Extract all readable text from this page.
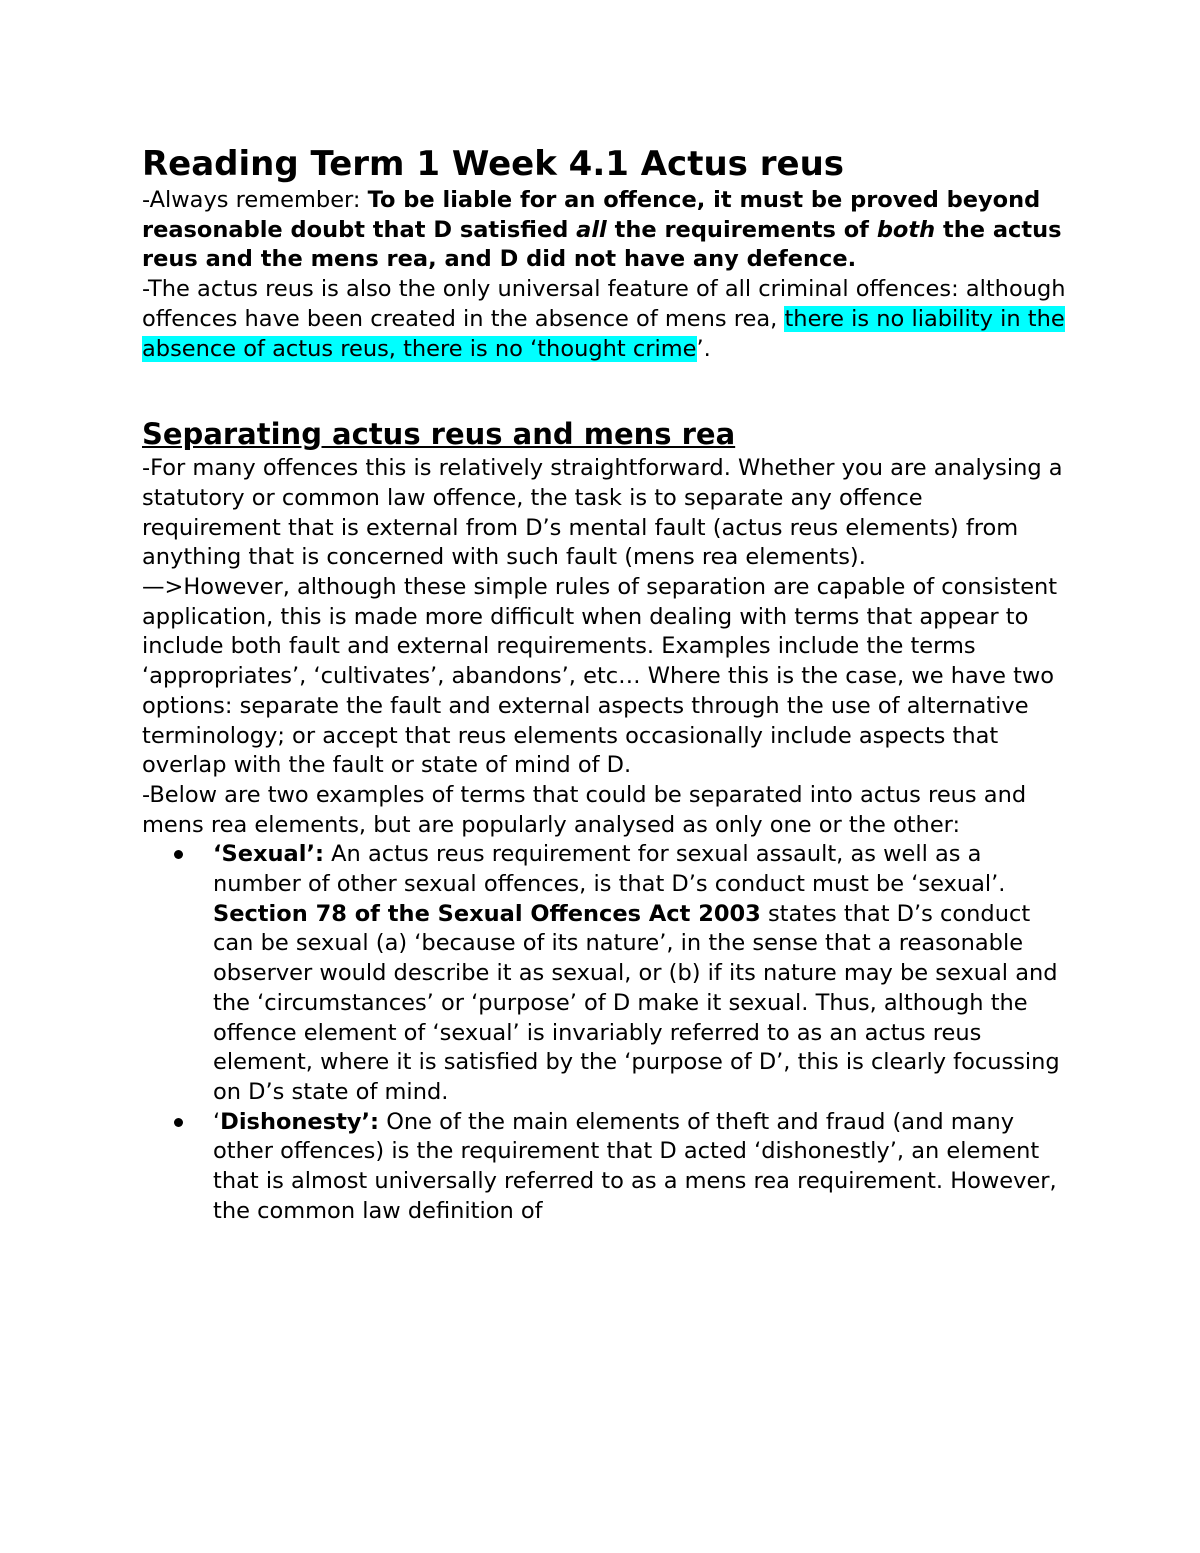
Reading Term 1 Week 4.1 Actus reus

-Always remember: To be liable for an offence, it must be proved beyond reasonable doubt that D satisfied all the requirements of both the actus reus and the mens rea, and D did not have any defence.

-The actus reus is also the only universal feature of all criminal offences: although offences have been created in the absence of mens rea, there is no liability in the absence of actus reus, there is no ‘thought crime’.

Separating actus reus and mens rea

-For many offences this is relatively straightforward. Whether you are analysing a statutory or common law offence, the task is to separate any offence requirement that is external from D’s mental fault (actus reus elements) from anything that is concerned with such fault (mens rea elements).

—>However, although these simple rules of separation are capable of consistent application, this is made more difficult when dealing with terms that appear to include both fault and external requirements. Examples include the terms ‘appropriates’, ‘cultivates’, abandons’, etc… Where this is the case, we have two options: separate the fault and external aspects through the use of alternative terminology; or accept that reus elements occasionally include aspects that overlap with the fault or state of mind of D.

-Below are two examples of terms that could be separated into actus reus and mens rea elements, but are popularly analysed as only one or the other:

‘Sexual’: An actus reus requirement for sexual assault, as well as a number of other sexual offences, is that D’s conduct must be ‘sexual’. Section 78 of the Sexual Offences Act 2003 states that D’s conduct can be sexual (a) ‘because of its nature’, in the sense that a reasonable observer would describe it as sexual, or (b) if its nature may be sexual and the ‘circumstances’ or ‘purpose’ of D make it sexual. Thus, although the offence element of ‘sexual’ is invariably referred to as an actus reus element, where it is satisfied by the ‘purpose of D’, this is clearly focussing on D’s state of mind.
‘Dishonesty’: One of the main elements of theft and fraud (and many other offences) is the requirement that D acted ‘dishonestly’, an element that is almost universally referred to as a mens rea requirement. However, the common law definition of
